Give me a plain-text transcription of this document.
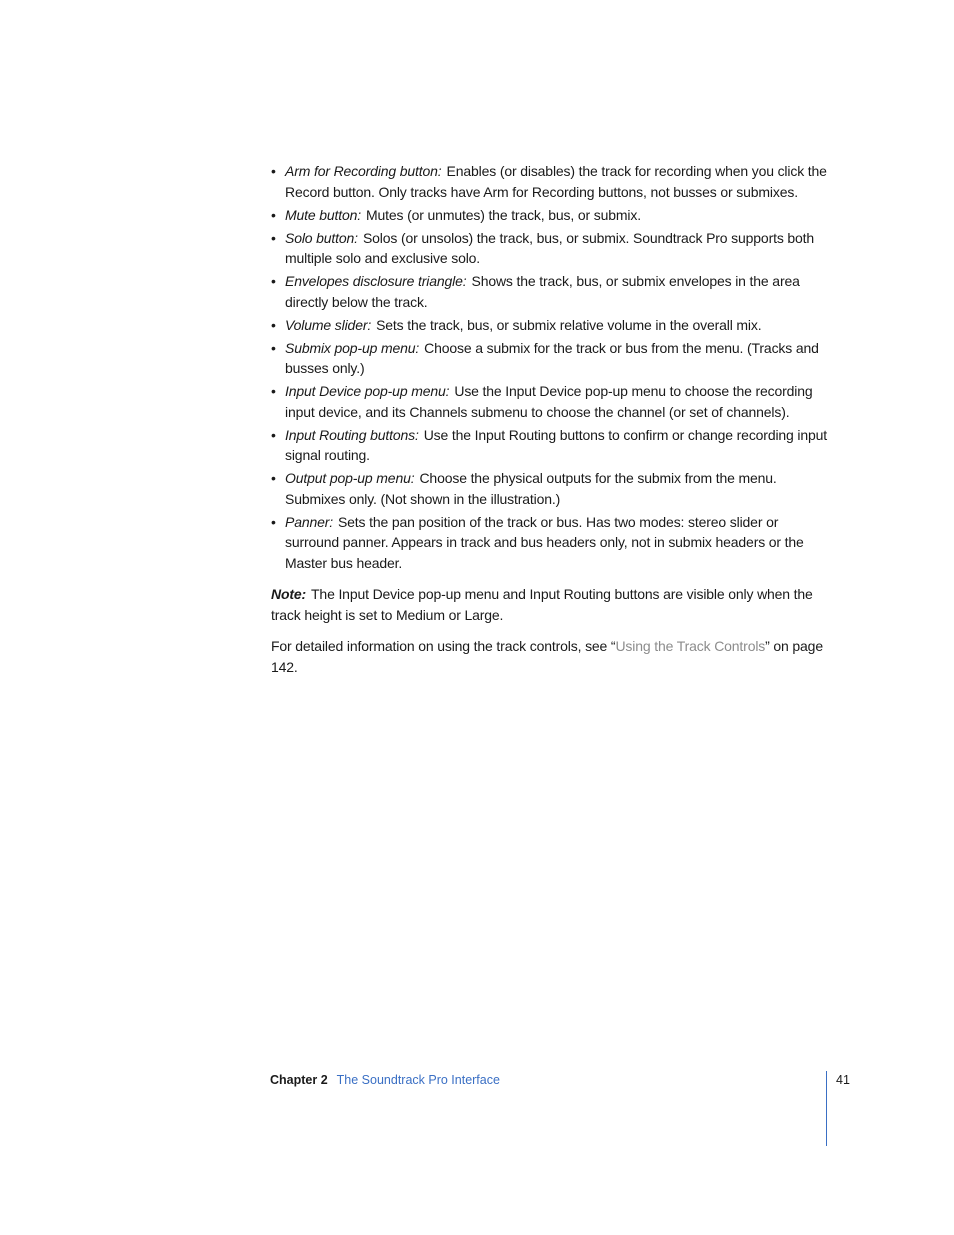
• Arm for Recording button: Enables (or disables) the track for recording when you click the Record button. Only tracks have Arm for Recording buttons, not busses or submixes.
• Mute button: Mutes (or unmutes) the track, bus, or submix.
• Solo button: Solos (or unsolos) the track, bus, or submix. Soundtrack Pro supports both multiple solo and exclusive solo.
• Envelopes disclosure triangle: Shows the track, bus, or submix envelopes in the area directly below the track.
• Volume slider: Sets the track, bus, or submix relative volume in the overall mix.
• Submix pop-up menu: Choose a submix for the track or bus from the menu. (Tracks and busses only.)
• Input Device pop-up menu: Use the Input Device pop-up menu to choose the recording input device, and its Channels submenu to choose the channel (or set of channels).
• Input Routing buttons: Use the Input Routing buttons to confirm or change recording input signal routing.
• Output pop-up menu: Choose the physical outputs for the submix from the menu. Submixes only. (Not shown in the illustration.)
• Panner: Sets the pan position of the track or bus. Has two modes: stereo slider or surround panner. Appears in track and bus headers only, not in submix headers or the Master bus header.

Note: The Input Device pop-up menu and Input Routing buttons are visible only when the track height is set to Medium or Large.

For detailed information on using the track controls, see “Using the Track Controls” on page 142.

Chapter 2 The Soundtrack Pro Interface	41
